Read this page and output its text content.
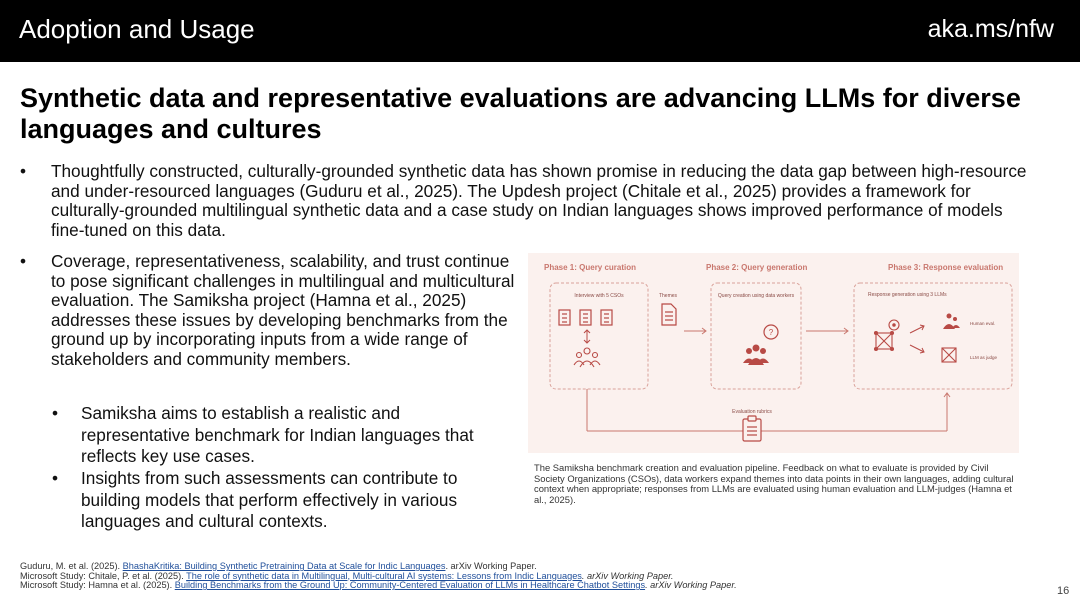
Adoption and Usage	aka.ms/nfw
Synthetic data and representative evaluations are advancing LLMs for diverse languages and cultures
• Thoughtfully constructed, culturally-grounded synthetic data has shown promise in reducing the data gap between high-resource and under-resourced languages (Guduru et al., 2025). The Updesh project (Chitale et al., 2025) provides a framework for culturally-grounded multilingual synthetic data and a case study on Indian languages shows improved performance of models fine-tuned on this data.
• Coverage, representativeness, scalability, and trust continue to pose significant challenges in multilingual and multicultural evaluation. The Samiksha project (Hamna et al., 2025) addresses these issues by developing benchmarks from the ground up by incorporating inputs from a wide range of stakeholders and community members.
• Samiksha aims to establish a realistic and representative benchmark for Indian languages that reflects key use cases.
• Insights from such assessments can contribute to building models that perform effectively in various languages and cultural contexts.
Phase 1: Query curation	Phase 2: Query generation	Phase 3: Response evaluation
Interview with 5 CSOs	Themes	Query creation using data workers
?
Response generation using 3 LLMs
Human eval.
LLM as judge
Evaluation rubrics
The Samiksha benchmark creation and evaluation pipeline. Feedback on what to evaluate is provided by Civil Society Organizations (CSOs), data workers expand themes into data points in their own languages, adding cultural context when appropriate; responses from LLMs are evaluated using human evaluation and LLM-judges (Hamna et al., 2025).
Guduru, M. et al. (2025). BhashaKritika: Building Synthetic Pretraining Data at Scale for Indic Languages. arXiv Working Paper.
Microsoft Study: Chitale, P. et al. (2025). The role of synthetic data in Multilingual, Multi-cultural AI systems: Lessons from Indic Languages. arXiv Working Paper.
Microsoft Study: Hamna et al. (2025). Building Benchmarks from the Ground Up: Community-Centered Evaluation of LLMs in Healthcare Chatbot Settings. arXiv Working Paper.	16
